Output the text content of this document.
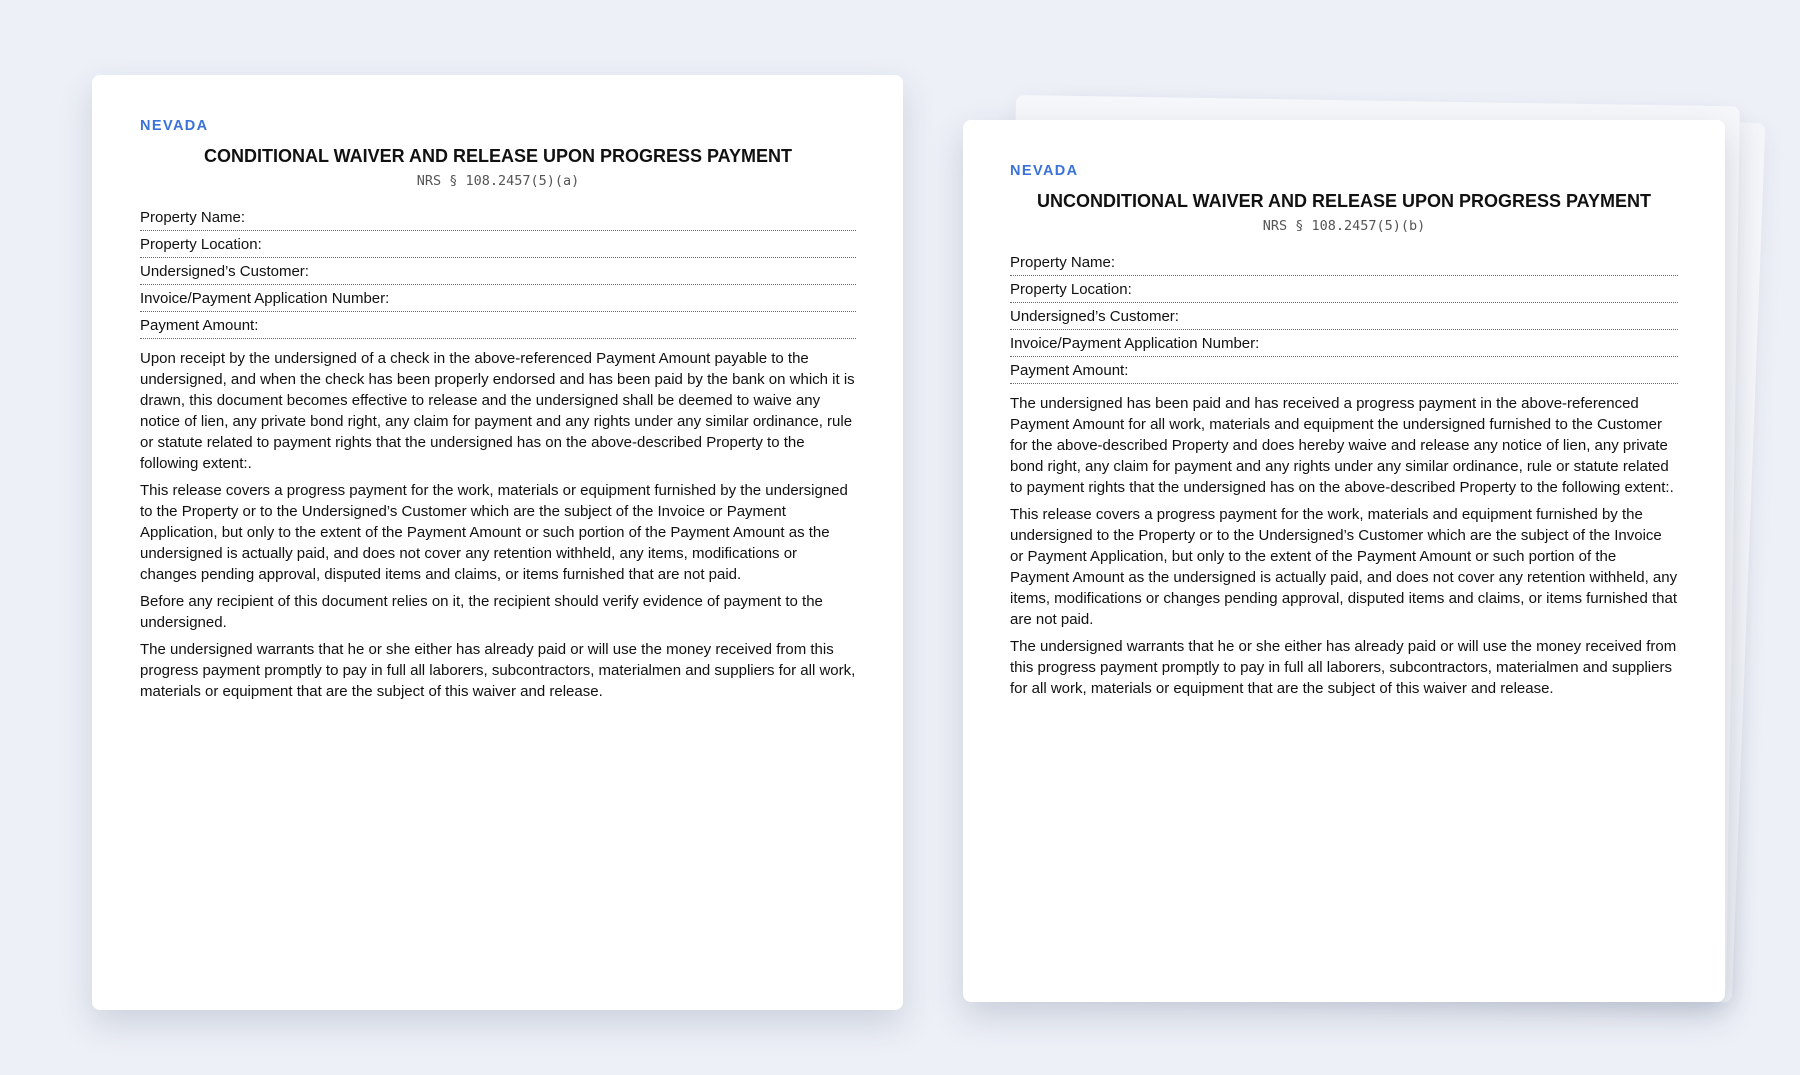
NEVADA
CONDITIONAL WAIVER AND RELEASE UPON PROGRESS PAYMENT
NRS § 108.2457(5)(a)
Property Name:
Property Location:
Undersigned’s Customer:
Invoice/Payment Application Number:
Payment Amount:

Upon receipt by the undersigned of a check in the above-referenced Payment Amount payable to the undersigned, and when the check has been properly endorsed and has been paid by the bank on which it is drawn, this document becomes effective to release and the undersigned shall be deemed to waive any notice of lien, any private bond right, any claim for payment and any rights under any similar ordinance, rule or statute related to payment rights that the undersigned has on the above-described Property to the following extent:.

This release covers a progress payment for the work, materials or equipment furnished by the undersigned to the Property or to the Undersigned’s Customer which are the subject of the Invoice or Payment Application, but only to the extent of the Payment Amount or such portion of the Payment Amount as the undersigned is actually paid, and does not cover any retention withheld, any items, modifications or changes pending approval, disputed items and claims, or items furnished that are not paid.

Before any recipient of this document relies on it, the recipient should verify evidence of payment to the undersigned.

The undersigned warrants that he or she either has already paid or will use the money received from this progress payment promptly to pay in full all laborers, subcontractors, materialmen and suppliers for all work, materials or equipment that are the subject of this waiver and release.

NEVADA
UNCONDITIONAL WAIVER AND RELEASE UPON PROGRESS PAYMENT
NRS § 108.2457(5)(b)
Property Name:
Property Location:
Undersigned’s Customer:
Invoice/Payment Application Number:
Payment Amount:

The undersigned has been paid and has received a progress payment in the above-referenced Payment Amount for all work, materials and equipment the undersigned furnished to the Customer for the above-described Property and does hereby waive and release any notice of lien, any private bond right, any claim for payment and any rights under any similar ordinance, rule or statute related to payment rights that the undersigned has on the above-described Property to the following extent:.

This release covers a progress payment for the work, materials and equipment furnished by the undersigned to the Property or to the Undersigned’s Customer which are the subject of the Invoice or Payment Application, but only to the extent of the Payment Amount or such portion of the Payment Amount as the undersigned is actually paid, and does not cover any retention withheld, any items, modifications or changes pending approval, disputed items and claims, or items furnished that are not paid.

The undersigned warrants that he or she either has already paid or will use the money received from this progress payment promptly to pay in full all laborers, subcontractors, materialmen and suppliers for all work, materials or equipment that are the subject of this waiver and release.
